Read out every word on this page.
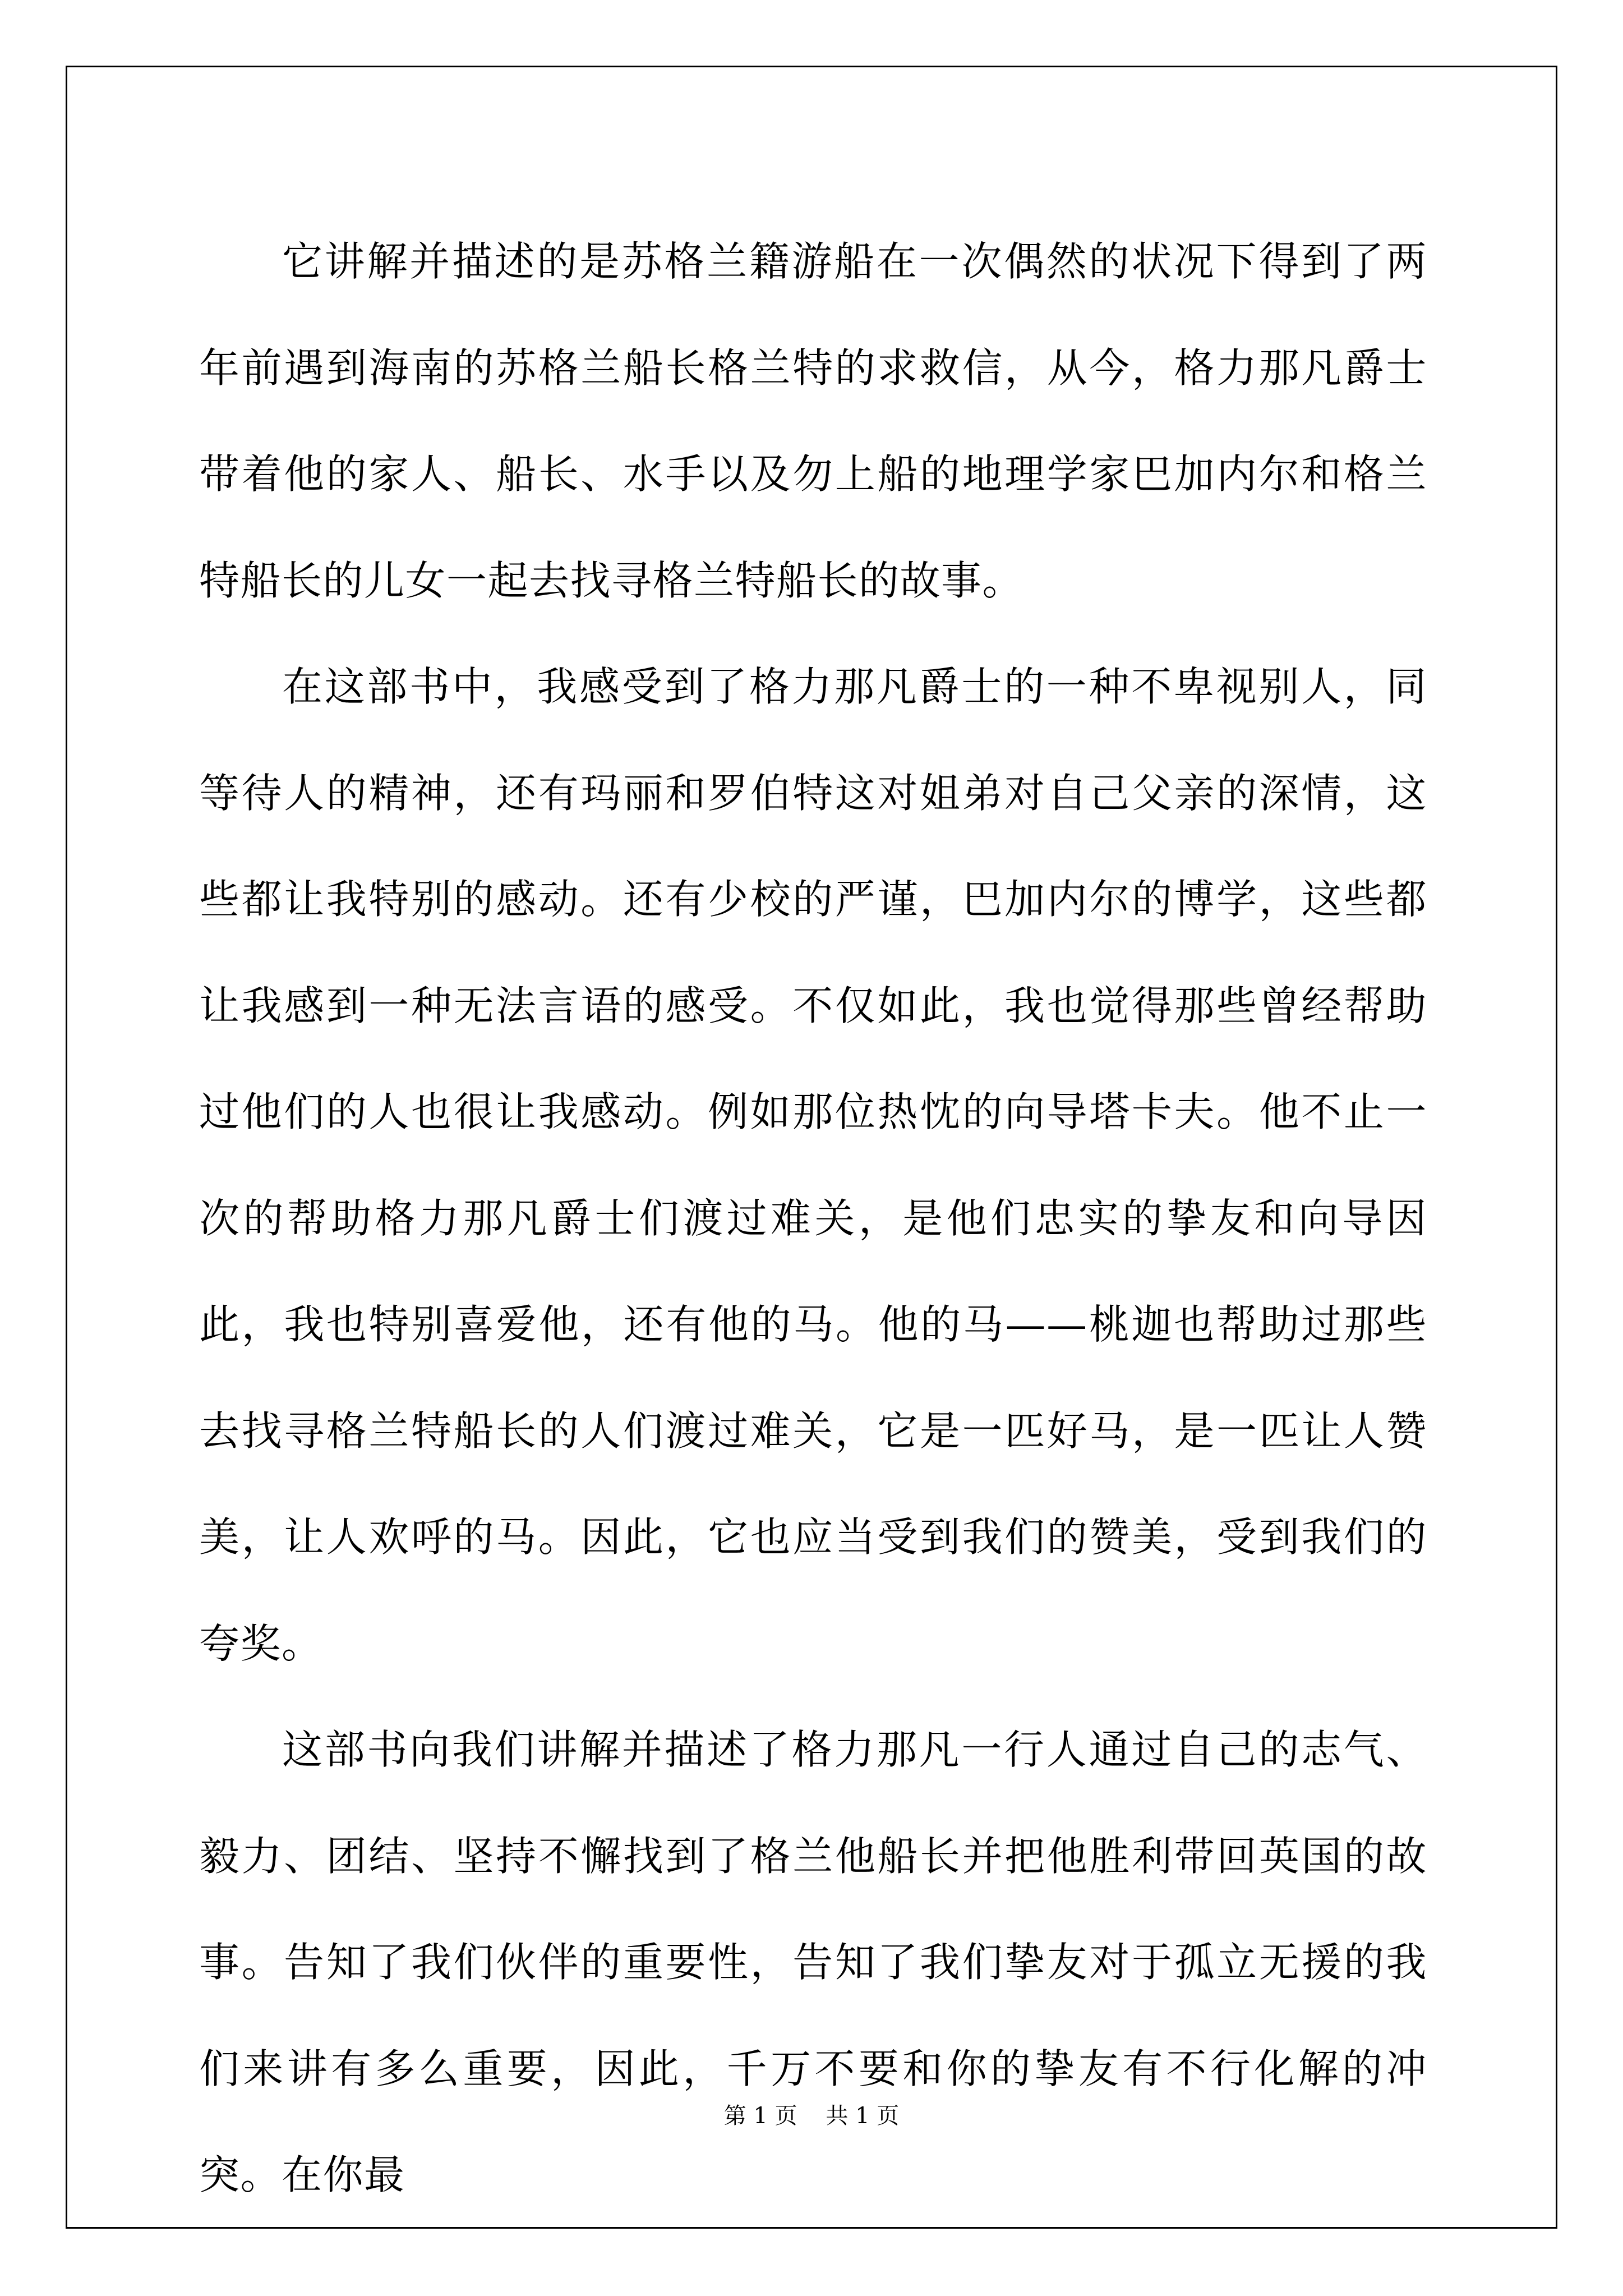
它讲解并描述的是苏格兰籍游船在一次偶然的状况下得到了两年前遇到海南的苏格兰船长格兰特的求救信，从今，格力那凡爵士带着他的家人、船长、水手以及勿上船的地理学家巴加内尔和格兰特船长的儿女一起去找寻格兰特船长的故事。

在这部书中，我感受到了格力那凡爵士的一种不卑视别人，同等待人的精神，还有玛丽和罗伯特这对姐弟对自己父亲的深情，这些都让我特别的感动。还有少校的严谨，巴加内尔的博学，这些都让我感到一种无法言语的感受。不仅如此，我也觉得那些曾经帮助过他们的人也很让我感动。例如那位热忱的向导塔卡夫。他不止一次的帮助格力那凡爵士们渡过难关，是他们忠实的挚友和向导因此，我也特别喜爱他，还有他的马。他的马——桃迦也帮助过那些去找寻格兰特船长的人们渡过难关，它是一匹好马，是一匹让人赞美，让人欢呼的马。因此，它也应当受到我们的赞美，受到我们的夸奖。

这部书向我们讲解并描述了格力那凡一行人通过自己的志气、毅力、团结、坚持不懈找到了格兰他船长并把他胜利带回英国的故事。告知了我们伙伴的重要性，告知了我们挚友对于孤立无援的我们来讲有多么重要，因此，千万不要和你的挚友有不行化解的冲突。在你最

第 1 页    共 1 页
